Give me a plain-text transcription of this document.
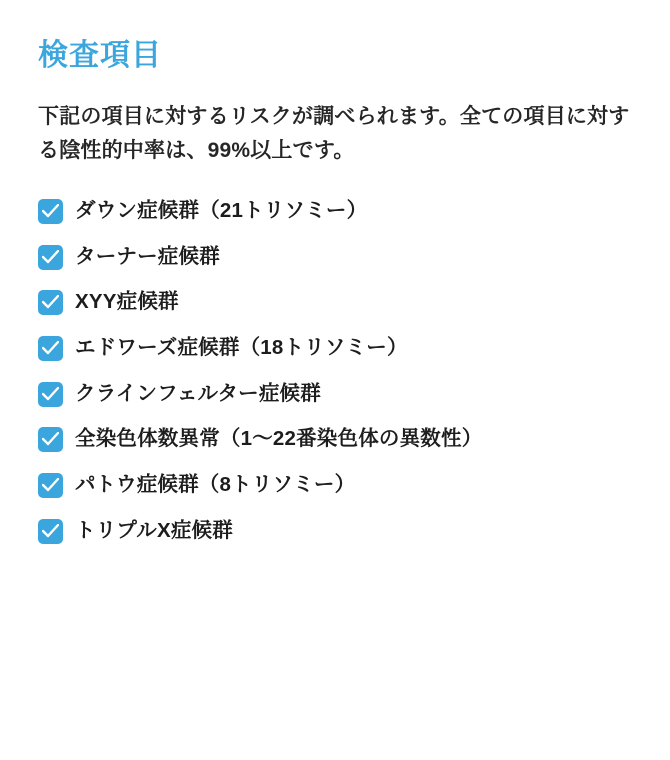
検査項目

下記の項目に対するリスクが調べられます。全ての項目に対する陰性的中率は、99%以上です。

ダウン症候群（21トリソミー）
ターナー症候群
XYY症候群
エドワーズ症候群（18トリソミー）
クラインフェルター症候群
全染色体数異常（1〜22番染色体の異数性）
パトウ症候群（8トリソミー）
トリプルX症候群
